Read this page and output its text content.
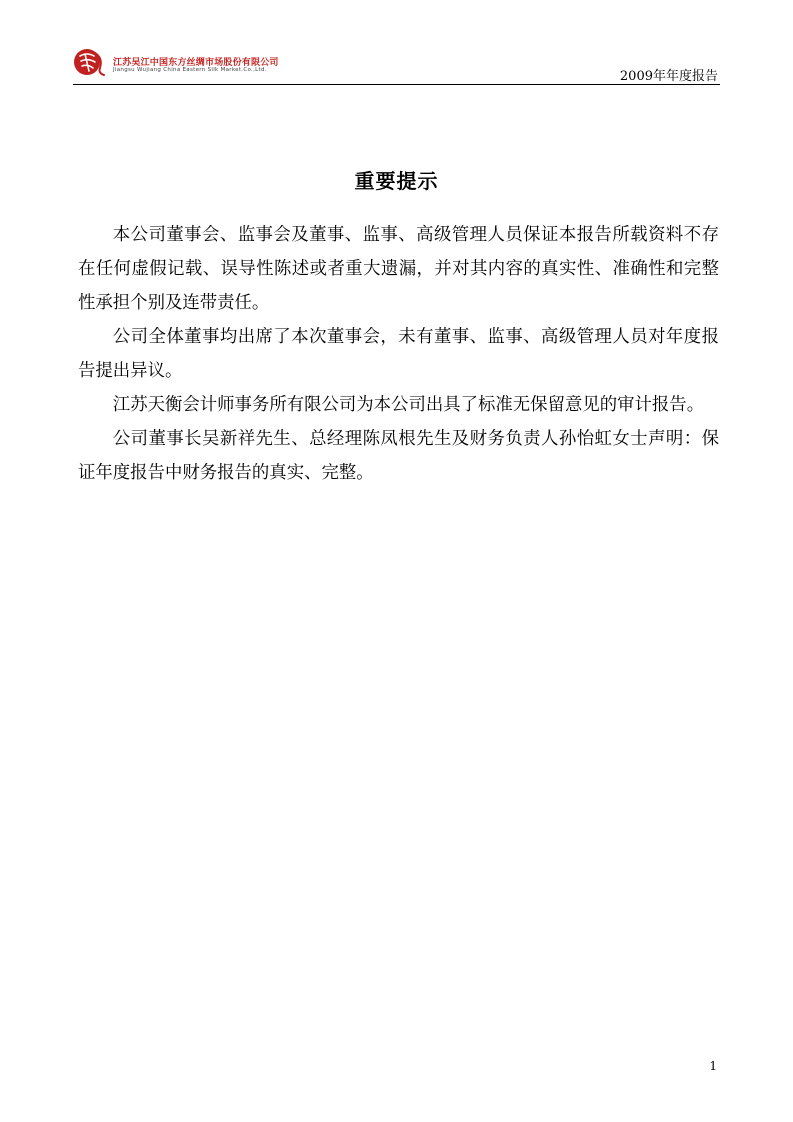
江苏吴江中国东方丝绸市场股份有限公司
Jiangsu Wujiang China Eastern Silk Market.Co.,Ltd.	2009年年度报告
重要提示

本公司董事会、监事会及董事、监事、高级管理人员保证本报告所载资料不存在任何虚假记载、误导性陈述或者重大遗漏，并对其内容的真实性、准确性和完整性承担个别及连带责任。

公司全体董事均出席了本次董事会，未有董事、监事、高级管理人员对年度报告提出异议。

江苏天衡会计师事务所有限公司为本公司出具了标准无保留意见的审计报告。

公司董事长吴新祥先生、总经理陈凤根先生及财务负责人孙怡虹女士声明：保证年度报告中财务报告的真实、完整。

1
